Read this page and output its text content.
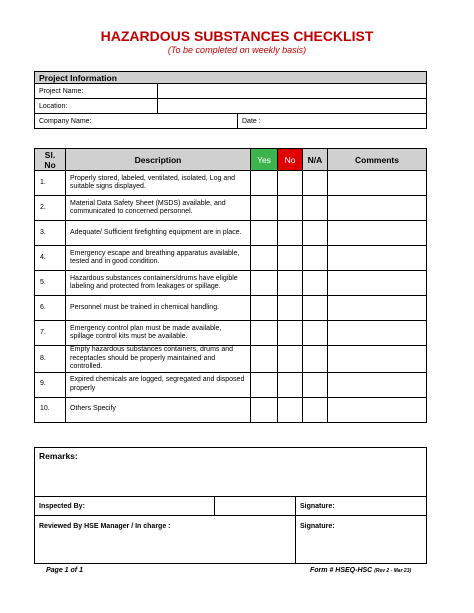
HAZARDOUS SUBSTANCES CHECKLIST
(To be completed on weekly basis)
Project Information		
Project Name:		
Location:		
Company Name:		Date :
Sl. No	Description	Yes	No	N/A	Comments
1.	Properly stored, labeled, ventilated, isolated, Log and suitable signs displayed.				
2.	Material Data Safety Sheet (MSDS) available, and communicated to concerned personnel.				
3.	Adequate/ Sufficient firefighting equipment are in place.				
4.	Emergency escape and breathing apparatus available, tested and in good condition.				
5.	Hazardous substances containers/drums have eligible labeling and protected from leakages or spillage.				
6.	Personnel must be trained in chemical handling.				
7.	Emergency control plan must be made available, spillage control kits must be available.				
8.	Empty hazardous substances containers, drums and receptacles should be properly maintained and controlled.				
9.	Expired chemicals are logged, segregated and disposed properly				
10.	Others Specify				
Remarks:		
Inspected By:		Signature:
Reviewed By HSE Manager / In charge :		Signature:
Page 1 of 1	Form # HSEQ-HSC (Rev 2 - Mar 23)
